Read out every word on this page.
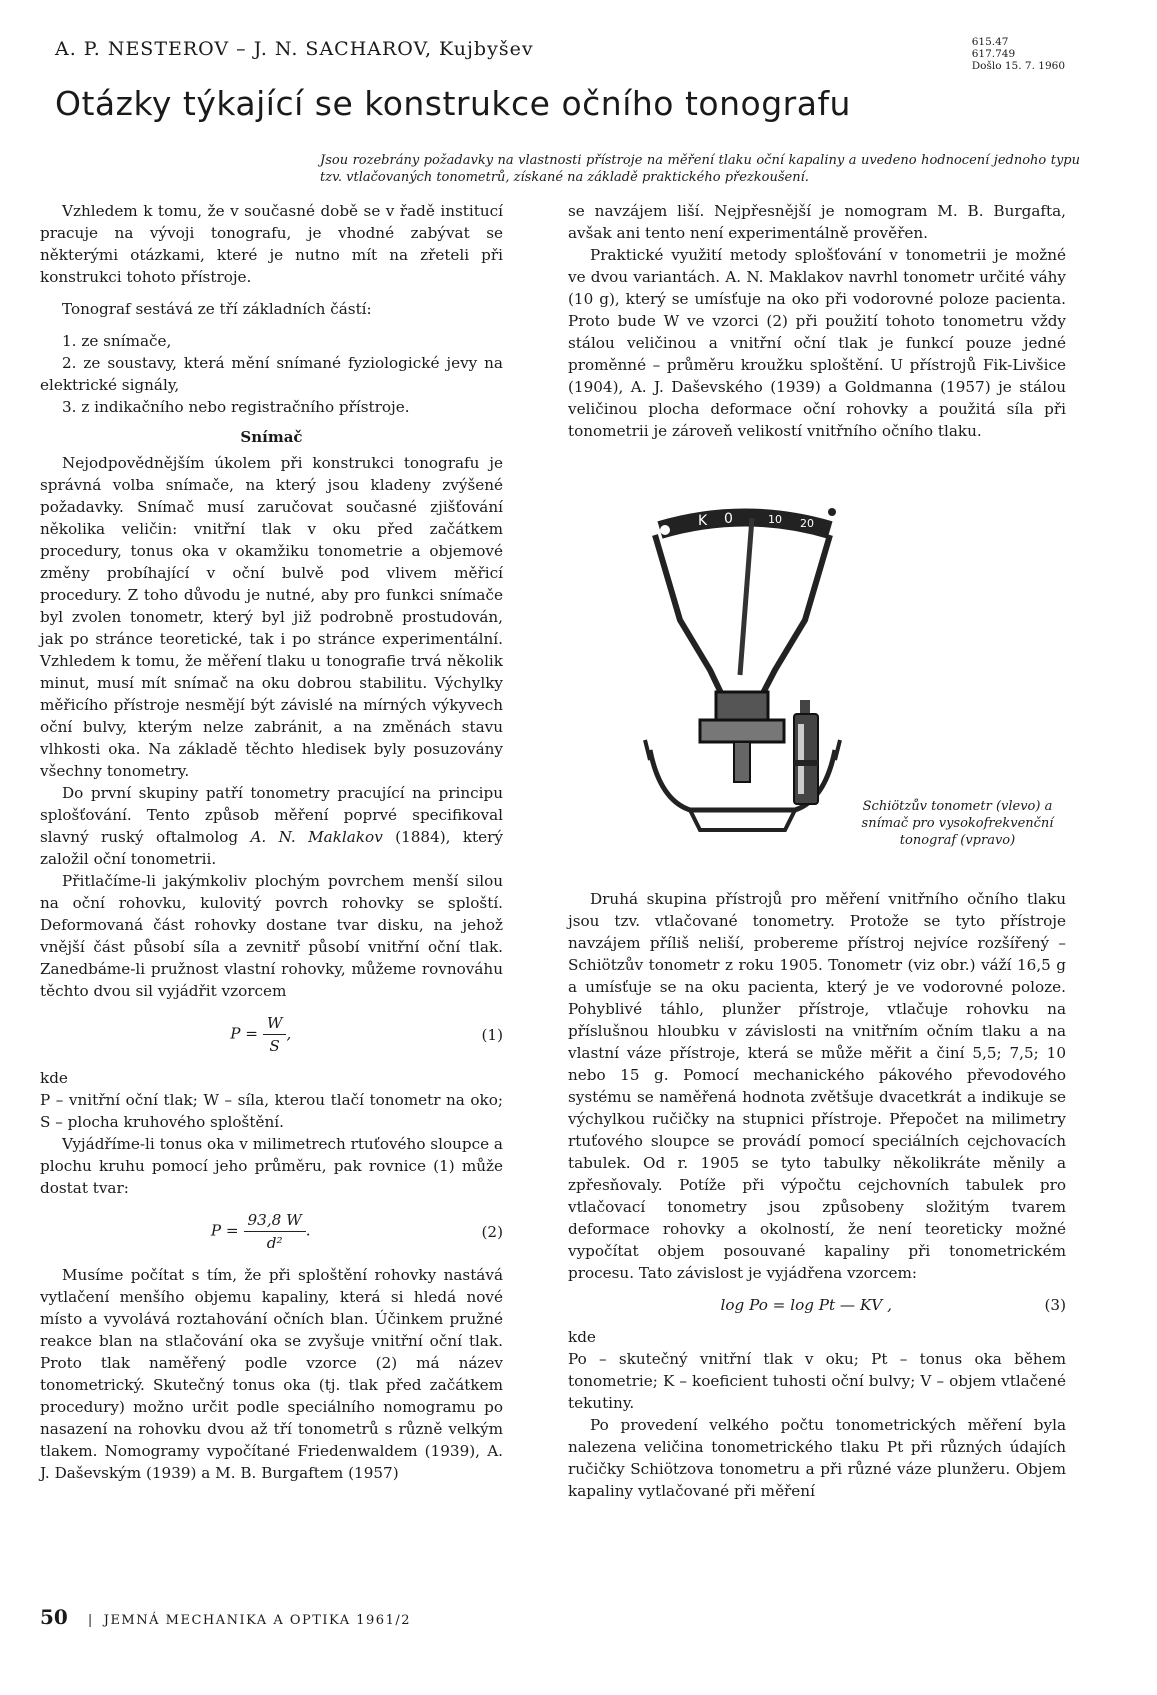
A. P. NESTEROV – J. N. SACHAROV, Kujbyšev	615.47
617.749
Došlo 15. 7. 1960
Otázky týkající se konstrukce očního tonografu
Jsou rozebrány požadavky na vlastnosti přístroje na měření tlaku oční kapaliny a uvedeno hodnocení jednoho typu tzv. vtlačovaných tonometrů, získané na základě praktického přezkoušení.

Vzhledem k tomu, že v současné době se v řadě institucí pracuje na vývoji tonografu, je vhodné zabývat se některými otázkami, které je nutno mít na zřeteli při konstrukci tohoto přístroje.

Tonograf sestává ze tří základních částí:

1. ze snímače,

2. ze soustavy, která mění snímané fyziologické jevy na elektrické signály,

3. z indikačního nebo registračního přístroje.

Snímač

Nejodpovědnějším úkolem při konstrukci tonografu je správná volba snímače, na který jsou kladeny zvýšené požadavky. Snímač musí zaručovat současné zjišťování několika veličin: vnitřní tlak v oku před začátkem procedury, tonus oka v okamžiku tonometrie a objemové změny probíhající v oční bulvě pod vlivem měřicí procedury. Z toho důvodu je nutné, aby pro funkci snímače byl zvolen tonometr, který byl již podrobně prostudován, jak po stránce teoretické, tak i po stránce experimentální. Vzhledem k tomu, že měření tlaku u tonografie trvá několik minut, musí mít snímač na oku dobrou stabilitu. Výchylky měřicího přístroje nesmějí být závislé na mírných výkyvech oční bulvy, kterým nelze zabránit, a na změnách stavu vlhkosti oka. Na základě těchto hledisek byly posuzovány všechny tonometry.

Do první skupiny patří tonometry pracující na principu splošťování. Tento způsob měření poprvé specifikoval slavný ruský oftalmolog A. N. Maklakov (1884), který založil oční tonometrii.

Přitlačíme-li jakýmkoliv plochým povrchem menší silou na oční rohovku, kulovitý povrch rohovky se sploští. Deformovaná část rohovky dostane tvar disku, na jehož vnější část působí síla a zevnitř působí vnitřní oční tlak. Zanedbáme-li pružnost vlastní rohovky, můžeme rovnováhu těchto dvou sil vyjádřit vzorcem

$P = \frac{W}{S}$ ,	(1)

kde

P – vnitřní oční tlak; W – síla, kterou tlačí tonometr na oko; S – plocha kruhového sploštění.

Vyjádříme-li tonus oka v milimetrech rtuťového sloupce a plochu kruhu pomocí jeho průměru, pak rovnice (1) může dostat tvar:

$P = \frac{93,8 W}{\text{d²}}$ .	(2)

Musíme počítat s tím, že při sploštění rohovky nastává vytlačení menšího objemu kapaliny, která si hledá nové místo a vyvolává roztahování očních blan. Účinkem pružné reakce blan na stlačování oka se zvyšuje vnitřní oční tlak. Proto tlak naměřený podle vzorce (2) má název tonometrický. Skutečný tonus oka (tj. tlak před začátkem procedury) možno určit podle speciálního nomogramu po nasazení na rohovku dvou až tří tonometrů s různě velkým tlakem. Nomogramy vypočítané Friedenwaldem (1939), A. J. Daševským (1939) a M. B. Burgaftem (1957)

se navzájem liší. Nejpřesnější je nomogram M. B. Burgafta, avšak ani tento není experimentálně prověřen.

Praktické využití metody splošťování v tonometrii je možné ve dvou variantách. A. N. Maklakov navrhl tonometr určité váhy (10 g), který se umísťuje na oko při vodorovné poloze pacienta. Proto bude W ve vzorci (2) při použití tohoto tonometru vždy stálou veličinou a vnitřní oční tlak je funkcí pouze jedné proměnné – průměru kroužku sploštění. U přístrojů Fik-Livšice (1904), A. J. Daševského (1939) a Goldmanna (1957) je stálou veličinou plocha deformace oční rohovky a použitá síla při tonometrii je zároveň velikostí vnitřního očního tlaku.

K 0	10 20
Schiötzův tonometr (vlevo) a snímač pro vysokofrekvenční tonograf (vpravo)

Druhá skupina přístrojů pro měření vnitřního očního tlaku jsou tzv. vtlačované tonometry. Protože se tyto přístroje navzájem příliš neliší, probereme přístroj nejvíce rozšířený – Schiötzův tonometr z roku 1905. Tonometr (viz obr.) váží 16,5 g a umísťuje se na oku pacienta, který je ve vodorovné poloze. Pohyblivé táhlo, plunžer přístroje, vtlačuje rohovku na příslušnou hloubku v závislosti na vnitřním očním tlaku a na vlastní váze přístroje, která se může měřit a činí 5,5; 7,5; 10 nebo 15 g. Pomocí mechanického pákového převodového systému se naměřená hodnota zvětšuje dvacetkrát a indikuje se výchylkou ručičky na stupnici přístroje. Přepočet na milimetry rtuťového sloupce se provádí pomocí speciálních cejchovacích tabulek. Od r. 1905 se tyto tabulky několikráte měnily a zpřesňovaly. Potíže při výpočtu cejchovních tabulek pro vtlačovací tonometry jsou způsobeny složitým tvarem deformace rohovky a okolností, že není teoreticky možné vypočítat objem posouvané kapaliny při tonometrickém procesu. Tato závislost je vyjádřena vzorcem:

log Po = log Pt — KV ,	(3)

kde

Po – skutečný vnitřní tlak v oku; Pt – tonus oka během tonometrie; K – koeficient tuhosti oční bulvy; V – objem vtlačené tekutiny.

Po provedení velkého počtu tonometrických měření byla nalezena veličina tonometrického tlaku Pt při různých údajích ručičky Schiötzova tonometru a při různé váze plunžeru. Objem kapaliny vytlačované při měření

50 | JEMNÁ MECHANIKA A OPTIKA 1961/2
